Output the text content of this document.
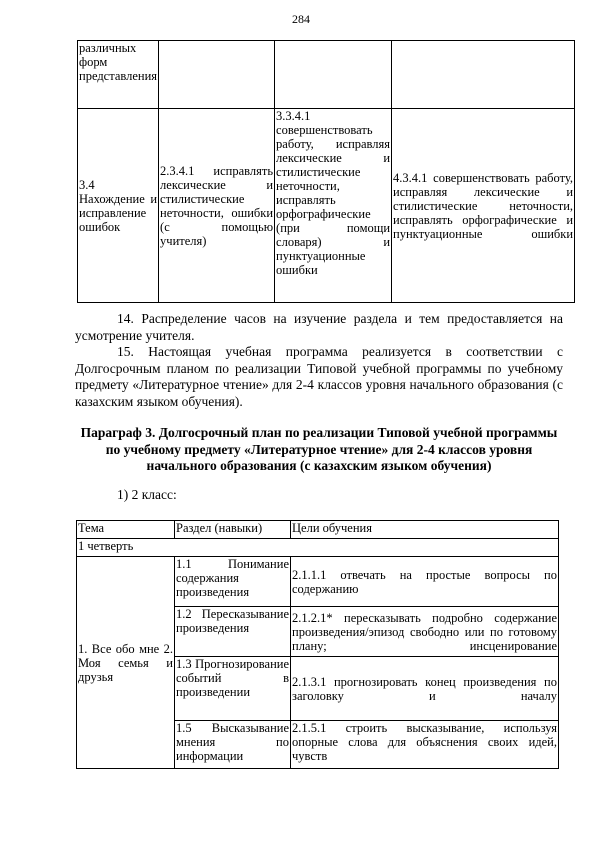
284
различных форм представления			
3.4 Нахождение и исправление ошибок	2.3.4.1 исправлять лексические и стилистические неточности, ошибки (с помощью учителя)	3.3.4.1 совершенствовать работу, исправляя лексические и стилистические неточности, исправлять орфографические (при помощи словаря) и пунктуационные ошибки	4.3.4.1 совершенствовать работу, исправляя лексические и стилистические неточности, исправлять орфографические и пунктуационные ошибки

14. Распределение часов на изучение раздела и тем предоставляется на усмотрение учителя.

15. Настоящая учебная программа реализуется в соответствии с Долгосрочным планом по реализации Типовой учебной программы по учебному предмету «Литературное чтение» для 2-4 классов уровня начального образования (с казахским языком обучения).

Параграф 3. Долгосрочный план по реализации Типовой учебной программы по учебному предмету «Литературное чтение» для 2-4 классов уровня начального образования (с казахским языком обучения)
1) 2 класс:
Тема	Раздел (навыки)	Цели обучения
1 четверть		
1. Все обо мне 2. Моя семья и друзья	1.1 Понимание содержания произведения	2.1.1.1 отвечать на простые вопросы по содержанию
	1.2 Пересказывание произведения	2.1.2.1* пересказывать подробно содержание произведения/эпизод свободно или по готовому плану; инсценирование
	1.3 Прогнозирование событий в произведении	2.1.3.1 прогнозировать конец произведения по заголовку и началу
	1.5 Высказывание мнения по информации	2.1.5.1 строить высказывание, используя опорные слова для объяснения своих идей, чувств
